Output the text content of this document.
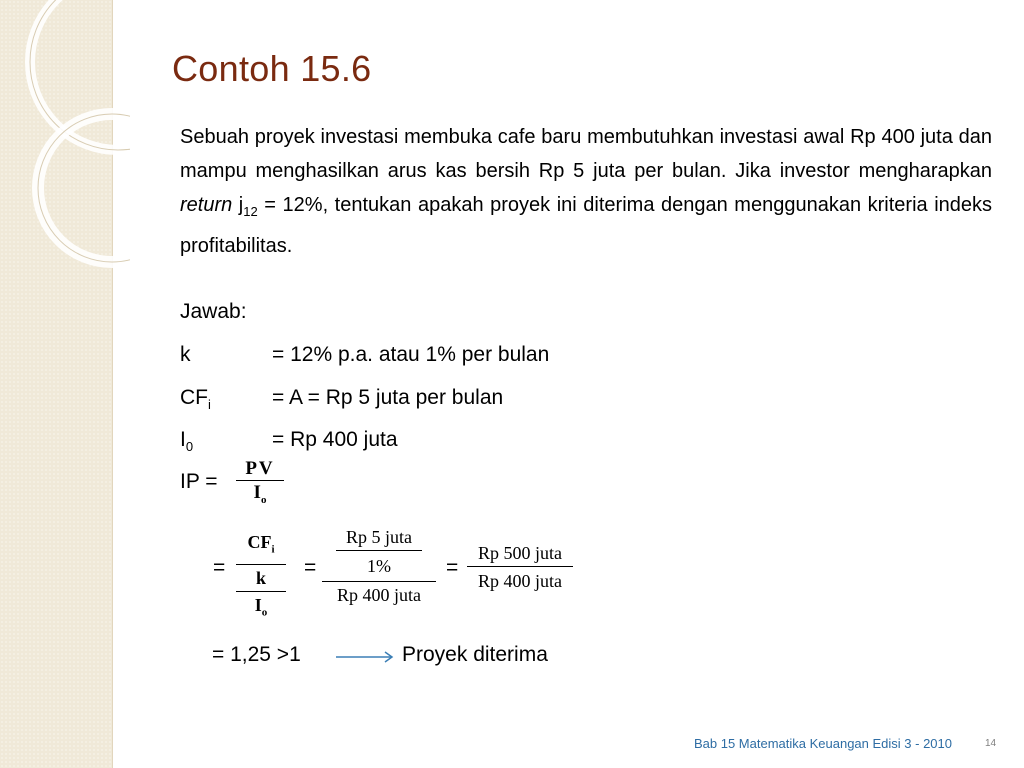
Contoh 15.6

Sebuah proyek investasi membuka cafe baru membutuhkan investasi awal Rp 400 juta dan mampu menghasilkan arus kas bersih Rp 5 juta per bulan. Jika investor mengharapkan return $j_{12} = 12\%$, tentukan apakah proyek ini diterima dengan menggunakan kriteria indeks profitabilitas.

Jawab:
k	= 12% p.a. atau 1% per bulan
$CF_i$	= A = Rp 5 juta per bulan
$I_0$	= Rp 400 juta
IP = $\frac{PV}{I_o}$
=
$CF_i$
k
$I_o$
=
Rp 5 juta
1%
Rp 400 juta
=
Rp 500 juta
Rp 400 juta
= 1,25 >1	Proyek diterima
Bab 15 Matematika Keuangan Edisi 3 - 2010	14
